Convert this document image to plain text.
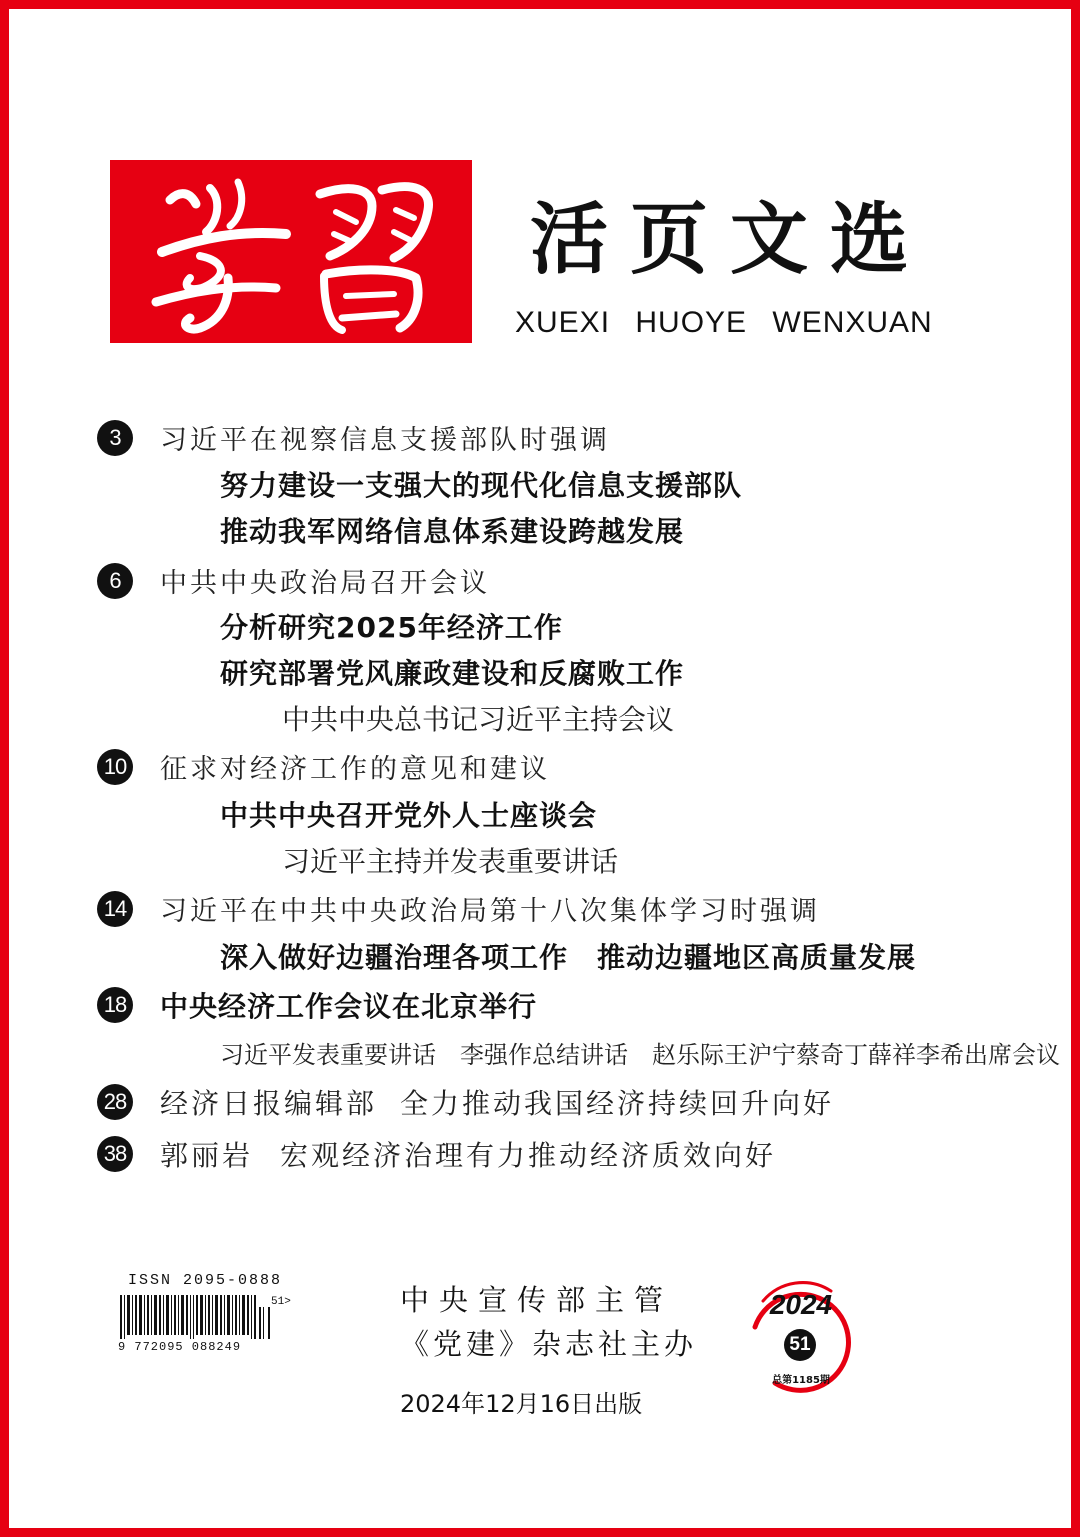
活页文选
XUEXI HUOYE WENXUAN
3	习近平在视察信息支援部队时强调
努力建设一支强大的现代化信息支援部队
推动我军网络信息体系建设跨越发展
6	中共中央政治局召开会议
分析研究2025年经济工作
研究部署党风廉政建设和反腐败工作
中共中央总书记习近平主持会议
10 征求对经济工作的意见和建议
中共中央召开党外人士座谈会
习近平主持并发表重要讲话
14 习近平在中共中央政治局第十八次集体学习时强调
深入做好边疆治理各项工作　推动边疆地区高质量发展
18 中央经济工作会议在北京举行
习近平发表重要讲话　李强作总结讲话　赵乐际王沪宁蔡奇丁薛祥李希出席会议
28 经济日报编辑部 全力推动我国经济持续回升向好
38 郭丽岩 宏观经济治理有力推动经济质效向好
ISSN 2095-0888
9 772095 088249
51>	中央宣传部主管
《党建》杂志社主办
2024年12月16日出版
2024
51
总第1185期
